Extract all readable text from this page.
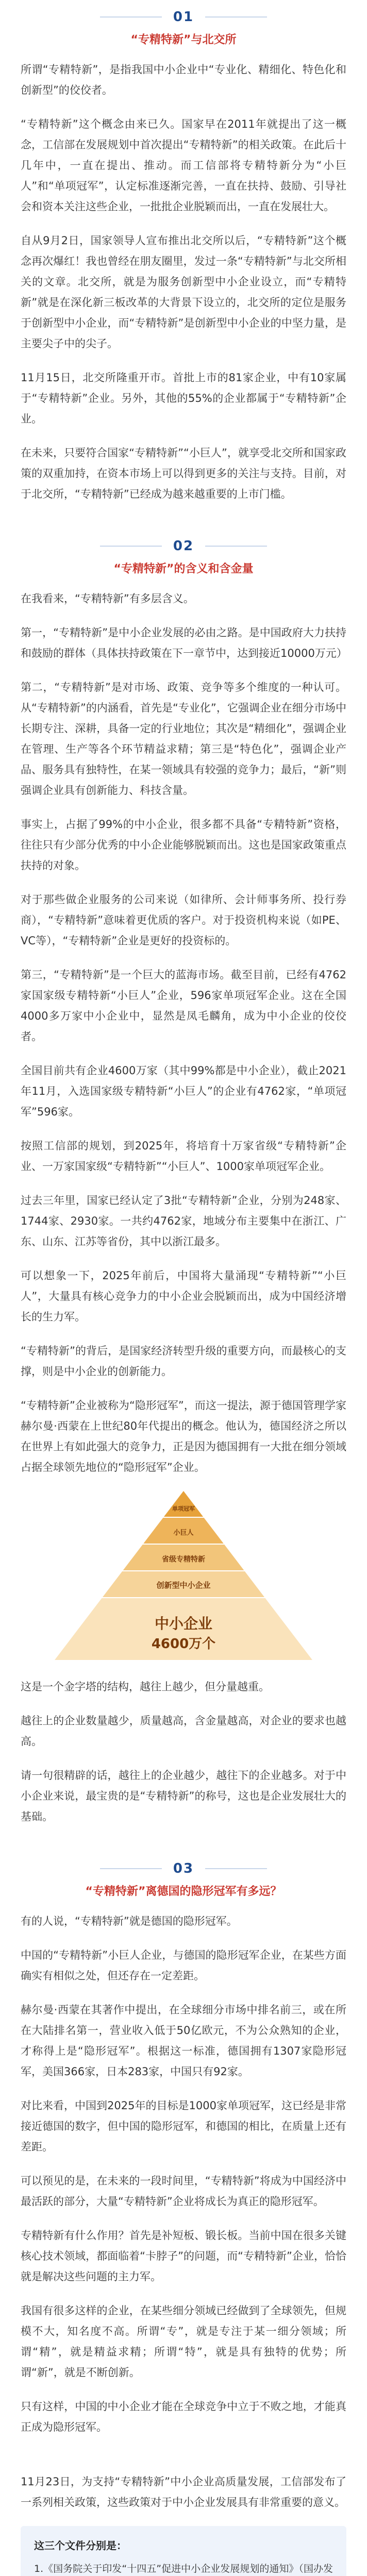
01
“专精特新”与北交所

所谓“专精特新”，是指我国中小企业中“专业化、精细化、特色化和创新型”的佼佼者。

“专精特新”这个概念由来已久。国家早在2011年就提出了这一概念，工信部在发展规划中首次提出“专精特新”的相关政策。在此后十几年中，一直在提出、推动。而工信部将专精特新分为“小巨人”和“单项冠军”，认定标准逐渐完善，一直在扶持、鼓励、引导社会和资本关注这些企业，一批批企业脱颖而出，一直在发展壮大。

自从9月2日，国家领导人宣布推出北交所以后，“专精特新”这个概念再次爆红！我也曾经在朋友圈里，发过一条“专精特新”与北交所相关的文章。北交所，就是为服务创新型中小企业设立，而“专精特新”就是在深化新三板改革的大背景下设立的，北交所的定位是服务于创新型中小企业，而“专精特新”是创新型中小企业的中坚力量，是主要尖子中的尖子。

11月15日，北交所隆重开市。首批上市的81家企业，中有10家属于“专精特新”企业。另外，其他的55%的企业都属于“专精特新”企业。

在未来，只要符合国家“专精特新”“小巨人”，就享受北交所和国家政策的双重加持，在资本市场上可以得到更多的关注与支持。目前，对于北交所，“专精特新”已经成为越来越重要的上市门槛。

02
“专精特新”的含义和含金量

在我看来，“专精特新”有多层含义。

第一，“专精特新”是中小企业发展的必由之路。是中国政府大力扶持和鼓励的群体（具体扶持政策在下一章节中，达到接近10000万元）

第二，“专精特新”是对市场、政策、竞争等多个维度的一种认可。从“专精特新”的内涵看，首先是“专业化”，它强调企业在细分市场中长期专注、深耕，具备一定的行业地位；其次是“精细化”，强调企业在管理、生产等各个环节精益求精；第三是“特色化”，强调企业产品、服务具有独特性，在某一领域具有较强的竞争力；最后，“新”则强调企业具有创新能力、科技含量。

事实上，占据了99%的中小企业，很多都不具备“专精特新”资格，往往只有少部分优秀的中小企业能够脱颖而出。这也是国家政策重点扶持的对象。

对于那些做企业服务的公司来说（如律所、会计师事务所、投行券商），“专精特新”意味着更优质的客户。对于投资机构来说（如PE、VC等），“专精特新”企业是更好的投资标的。

第三，“专精特新”是一个巨大的蓝海市场。截至目前，已经有4762家国家级专精特新“小巨人”企业，596家单项冠军企业。这在全国4000多万家中小企业中，显然是凤毛麟角，成为中小企业的佼佼者。

全国目前共有企业4600万家（其中99%都是中小企业），截止2021年11月，入选国家级专精特新“小巨人”的企业有4762家，“单项冠军”596家。

按照工信部的规划，到2025年，将培育十万家省级“专精特新”企业、一万家国家级“专精特新”“小巨人”、1000家单项冠军企业。

过去三年里，国家已经认定了3批“专精特新”企业，分别为248家、1744家、2930家。一共约4762家，地域分布主要集中在浙江、广东、山东、江苏等省份，其中以浙江最多。

可以想象一下，2025年前后，中国将大量涌现“专精特新”“小巨人”，大量具有核心竞争力的中小企业会脱颖而出，成为中国经济增长的生力军。

“专精特新”的背后，是国家经济转型升级的重要方向，而最核心的支撑，则是中小企业的创新能力。

“专精特新”企业被称为“隐形冠军”，而这一提法，源于德国管理学家赫尔曼·西蒙在上世纪80年代提出的概念。他认为，德国经济之所以在世界上有如此强大的竞争力，正是因为德国拥有一大批在细分领域占据全球领先地位的“隐形冠军”企业。

单项冠军
小巨人
省级专精特新
创新型中小企业
中小企业
4600万个

这是一个金字塔的结构，越往上越少，但分量越重。

越往上的企业数量越少，质量越高，含金量越高，对企业的要求也越高。

请一句很精辟的话，越往上的企业越少，越往下的企业越多。对于中小企业来说，最宝贵的是“专精特新”的称号，这也是企业发展壮大的基础。

03
“专精特新”离德国的隐形冠军有多远？

有的人说，“专精特新”就是德国的隐形冠军。

中国的“专精特新”小巨人企业，与德国的隐形冠军企业，在某些方面确实有相似之处，但还存在一定差距。

赫尔曼·西蒙在其著作中提出，在全球细分市场中排名前三，或在所在大陆排名第一，营业收入低于50亿欧元，不为公众熟知的企业，才称得上是“隐形冠军”。根据这一标准，德国拥有1307家隐形冠军，美国366家，日本283家，中国只有92家。

对比来看，中国到2025年的目标是1000家单项冠军，这已经是非常接近德国的数字，但中国的隐形冠军，和德国的相比，在质量上还有差距。

可以预见的是，在未来的一段时间里，“专精特新”将成为中国经济中最活跃的部分，大量“专精特新”企业将成长为真正的隐形冠军。

专精特新有什么作用？首先是补短板、锻长板。当前中国在很多关键核心技术领域，都面临着“卡脖子”的问题，而“专精特新”企业，恰恰就是解决这些问题的主力军。

我国有很多这样的企业，在某些细分领域已经做到了全球领先，但规模不大，知名度不高。所谓“专”，就是专注于某一细分领域；所谓“精”，就是精益求精；所谓“特”，就是具有独特的优势；所谓“新”，就是不断创新。

只有这样，中国的中小企业才能在全球竞争中立于不败之地，才能真正成为隐形冠军。

11月23日，为支持“专精特新”中小企业高质量发展，工信部发布了一系列相关政策，这些政策对于中小企业发展具有非常重要的意义。

这三个文件分别是：

1.《国务院关于印发“十四五”促进中小企业发展规划的通知》（国办发
